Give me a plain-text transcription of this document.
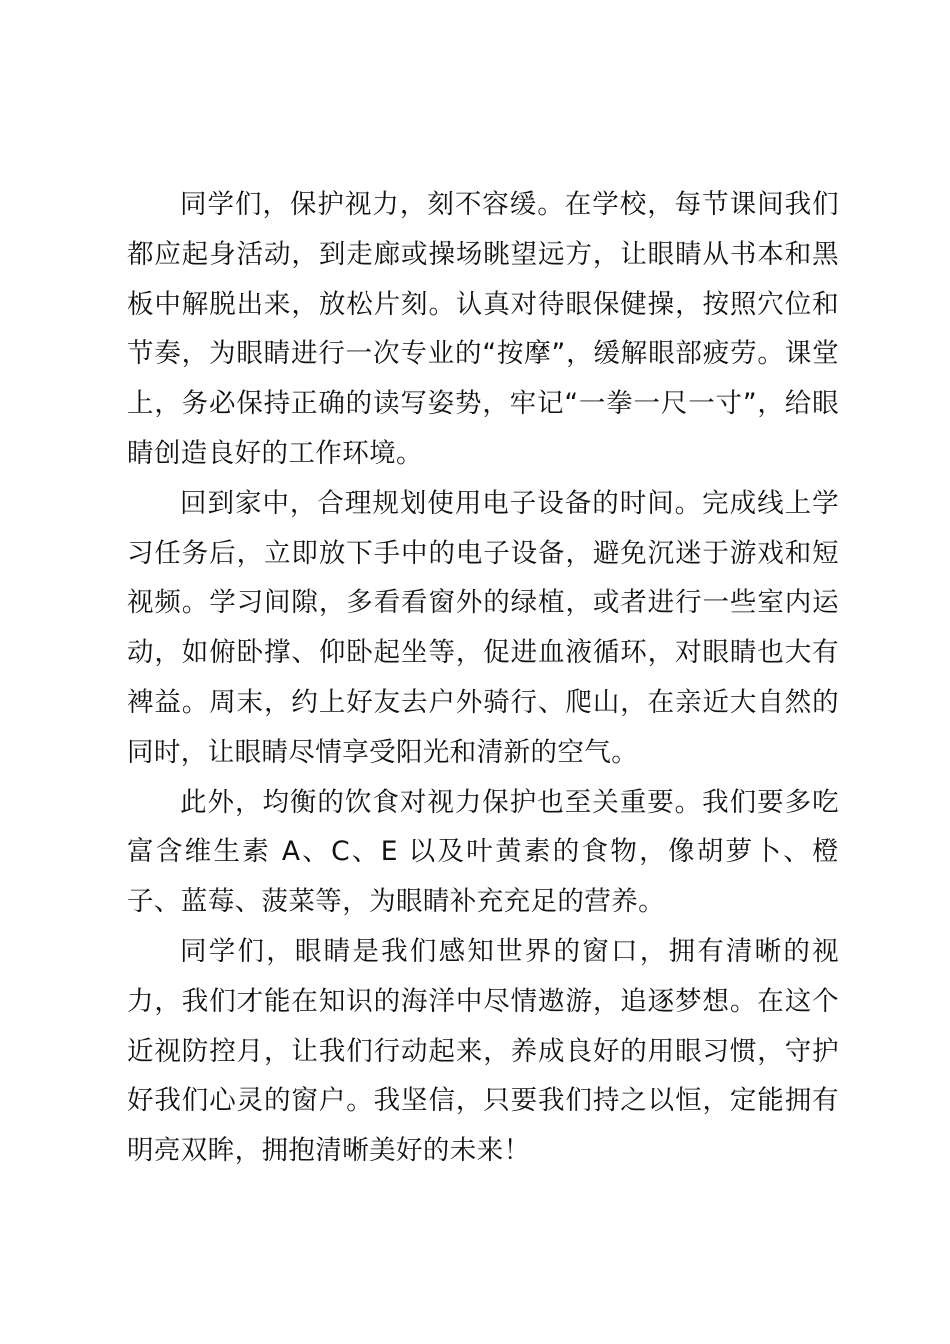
同学们，保护视力，刻不容缓。在学校，每节课间我们都应起身活动，到走廊或操场眺望远方，让眼睛从书本和黑板中解脱出来，放松片刻。认真对待眼保健操，按照穴位和节奏，为眼睛进行一次专业的“按摩”，缓解眼部疲劳。课堂上，务必保持正确的读写姿势，牢记“一拳一尺一寸”，给眼睛创造良好的工作环境。

回到家中，合理规划使用电子设备的时间。完成线上学习任务后，立即放下手中的电子设备，避免沉迷于游戏和短视频。学习间隙，多看看窗外的绿植，或者进行一些室内运动，如俯卧撑、仰卧起坐等，促进血液循环，对眼睛也大有裨益。周末，约上好友去户外骑行、爬山，在亲近大自然的同时，让眼睛尽情享受阳光和清新的空气。

此外，均衡的饮食对视力保护也至关重要。我们要多吃富含维生素 A、C、E 以及叶黄素的食物，像胡萝卜、橙子、蓝莓、菠菜等，为眼睛补充充足的营养。

同学们，眼睛是我们感知世界的窗口，拥有清晰的视力，我们才能在知识的海洋中尽情遨游，追逐梦想。在这个近视防控月，让我们行动起来，养成良好的用眼习惯，守护好我们心灵的窗户。我坚信，只要我们持之以恒，定能拥有明亮双眸，拥抱清晰美好的未来！
